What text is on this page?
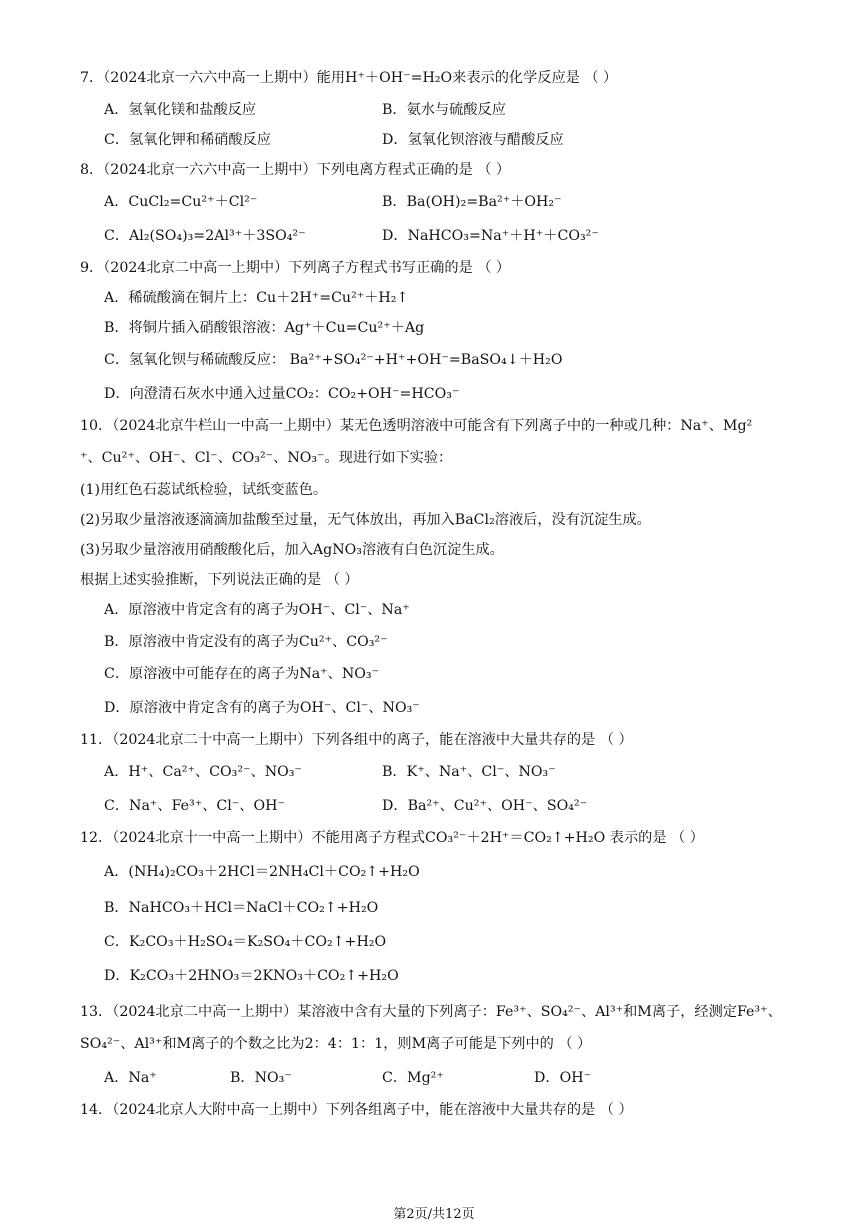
7．（2024北京一六六中高一上期中）能用H⁺＋OH⁻=H₂O来表示的化学反应是 （ ）
A．氢氧化镁和盐酸反应	B．氨水与硫酸反应
C．氢氧化钾和稀硝酸反应	D．氢氧化钡溶液与醋酸反应
8．（2024北京一六六中高一上期中）下列电离方程式正确的是 （ ）
A．CuCl₂=Cu²⁺＋Cl²⁻	B．Ba(OH)₂=Ba²⁺＋OH₂⁻
C．Al₂(SO₄)₃=2Al³⁺＋3SO₄²⁻	D．NaHCO₃=Na⁺＋H⁺＋CO₃²⁻
9．（2024北京二中高一上期中）下列离子方程式书写正确的是 （ ）
A．稀硫酸滴在铜片上：Cu＋2H⁺=Cu²⁺＋H₂↑
B．将铜片插入硝酸银溶液：Ag⁺＋Cu=Cu²⁺＋Ag
C．氢氧化钡与稀硫酸反应： Ba²⁺+SO₄²⁻+H⁺+OH⁻=BaSO₄↓＋H₂O
D．向澄清石灰水中通入过量CO₂：CO₂+OH⁻=HCO₃⁻
10．（2024北京牛栏山一中高一上期中）某无色透明溶液中可能含有下列离子中的一种或几种：Na⁺、Mg²
⁺、Cu²⁺、OH⁻、Cl⁻、CO₃²⁻、NO₃⁻。现进行如下实验：
(1)用红色石蕊试纸检验，试纸变蓝色。
(2)另取少量溶液逐滴滴加盐酸至过量，无气体放出，再加入BaCl₂溶液后，没有沉淀生成。
(3)另取少量溶液用硝酸酸化后，加入AgNO₃溶液有白色沉淀生成。
根据上述实验推断，下列说法正确的是 （ ）
A．原溶液中肯定含有的离子为OH⁻、Cl⁻、Na⁺
B．原溶液中肯定没有的离子为Cu²⁺、CO₃²⁻
C．原溶液中可能存在的离子为Na⁺、NO₃⁻
D．原溶液中肯定含有的离子为OH⁻、Cl⁻、NO₃⁻
11．（2024北京二十中高一上期中）下列各组中的离子，能在溶液中大量共存的是 （ ）
A．H⁺、Ca²⁺、CO₃²⁻、NO₃⁻	B．K⁺、Na⁺、Cl⁻、NO₃⁻
C．Na⁺、Fe³⁺、Cl⁻、OH⁻	D．Ba²⁺、Cu²⁺、OH⁻、SO₄²⁻
12．（2024北京十一中高一上期中）不能用离子方程式CO₃²⁻＋2H⁺＝CO₂↑+H₂O 表示的是 （ ）
A．(NH₄)₂CO₃＋2HCl＝2NH₄Cl＋CO₂↑+H₂O
B．NaHCO₃＋HCl＝NaCl＋CO₂↑+H₂O
C．K₂CO₃＋H₂SO₄＝K₂SO₄＋CO₂↑+H₂O
D．K₂CO₃＋2HNO₃＝2KNO₃＋CO₂↑+H₂O
13．（2024北京二中高一上期中）某溶液中含有大量的下列离子：Fe³⁺、SO₄²⁻、Al³⁺和M离子，经测定Fe³⁺、
SO₄²⁻、Al³⁺和M离子的个数之比为2：4：1：1，则M离子可能是下列中的 （ ）
A．Na⁺	B．NO₃⁻	C．Mg²⁺	D．OH⁻
14．（2024北京人大附中高一上期中）下列各组离子中，能在溶液中大量共存的是 （ ）
第2页/共12页
